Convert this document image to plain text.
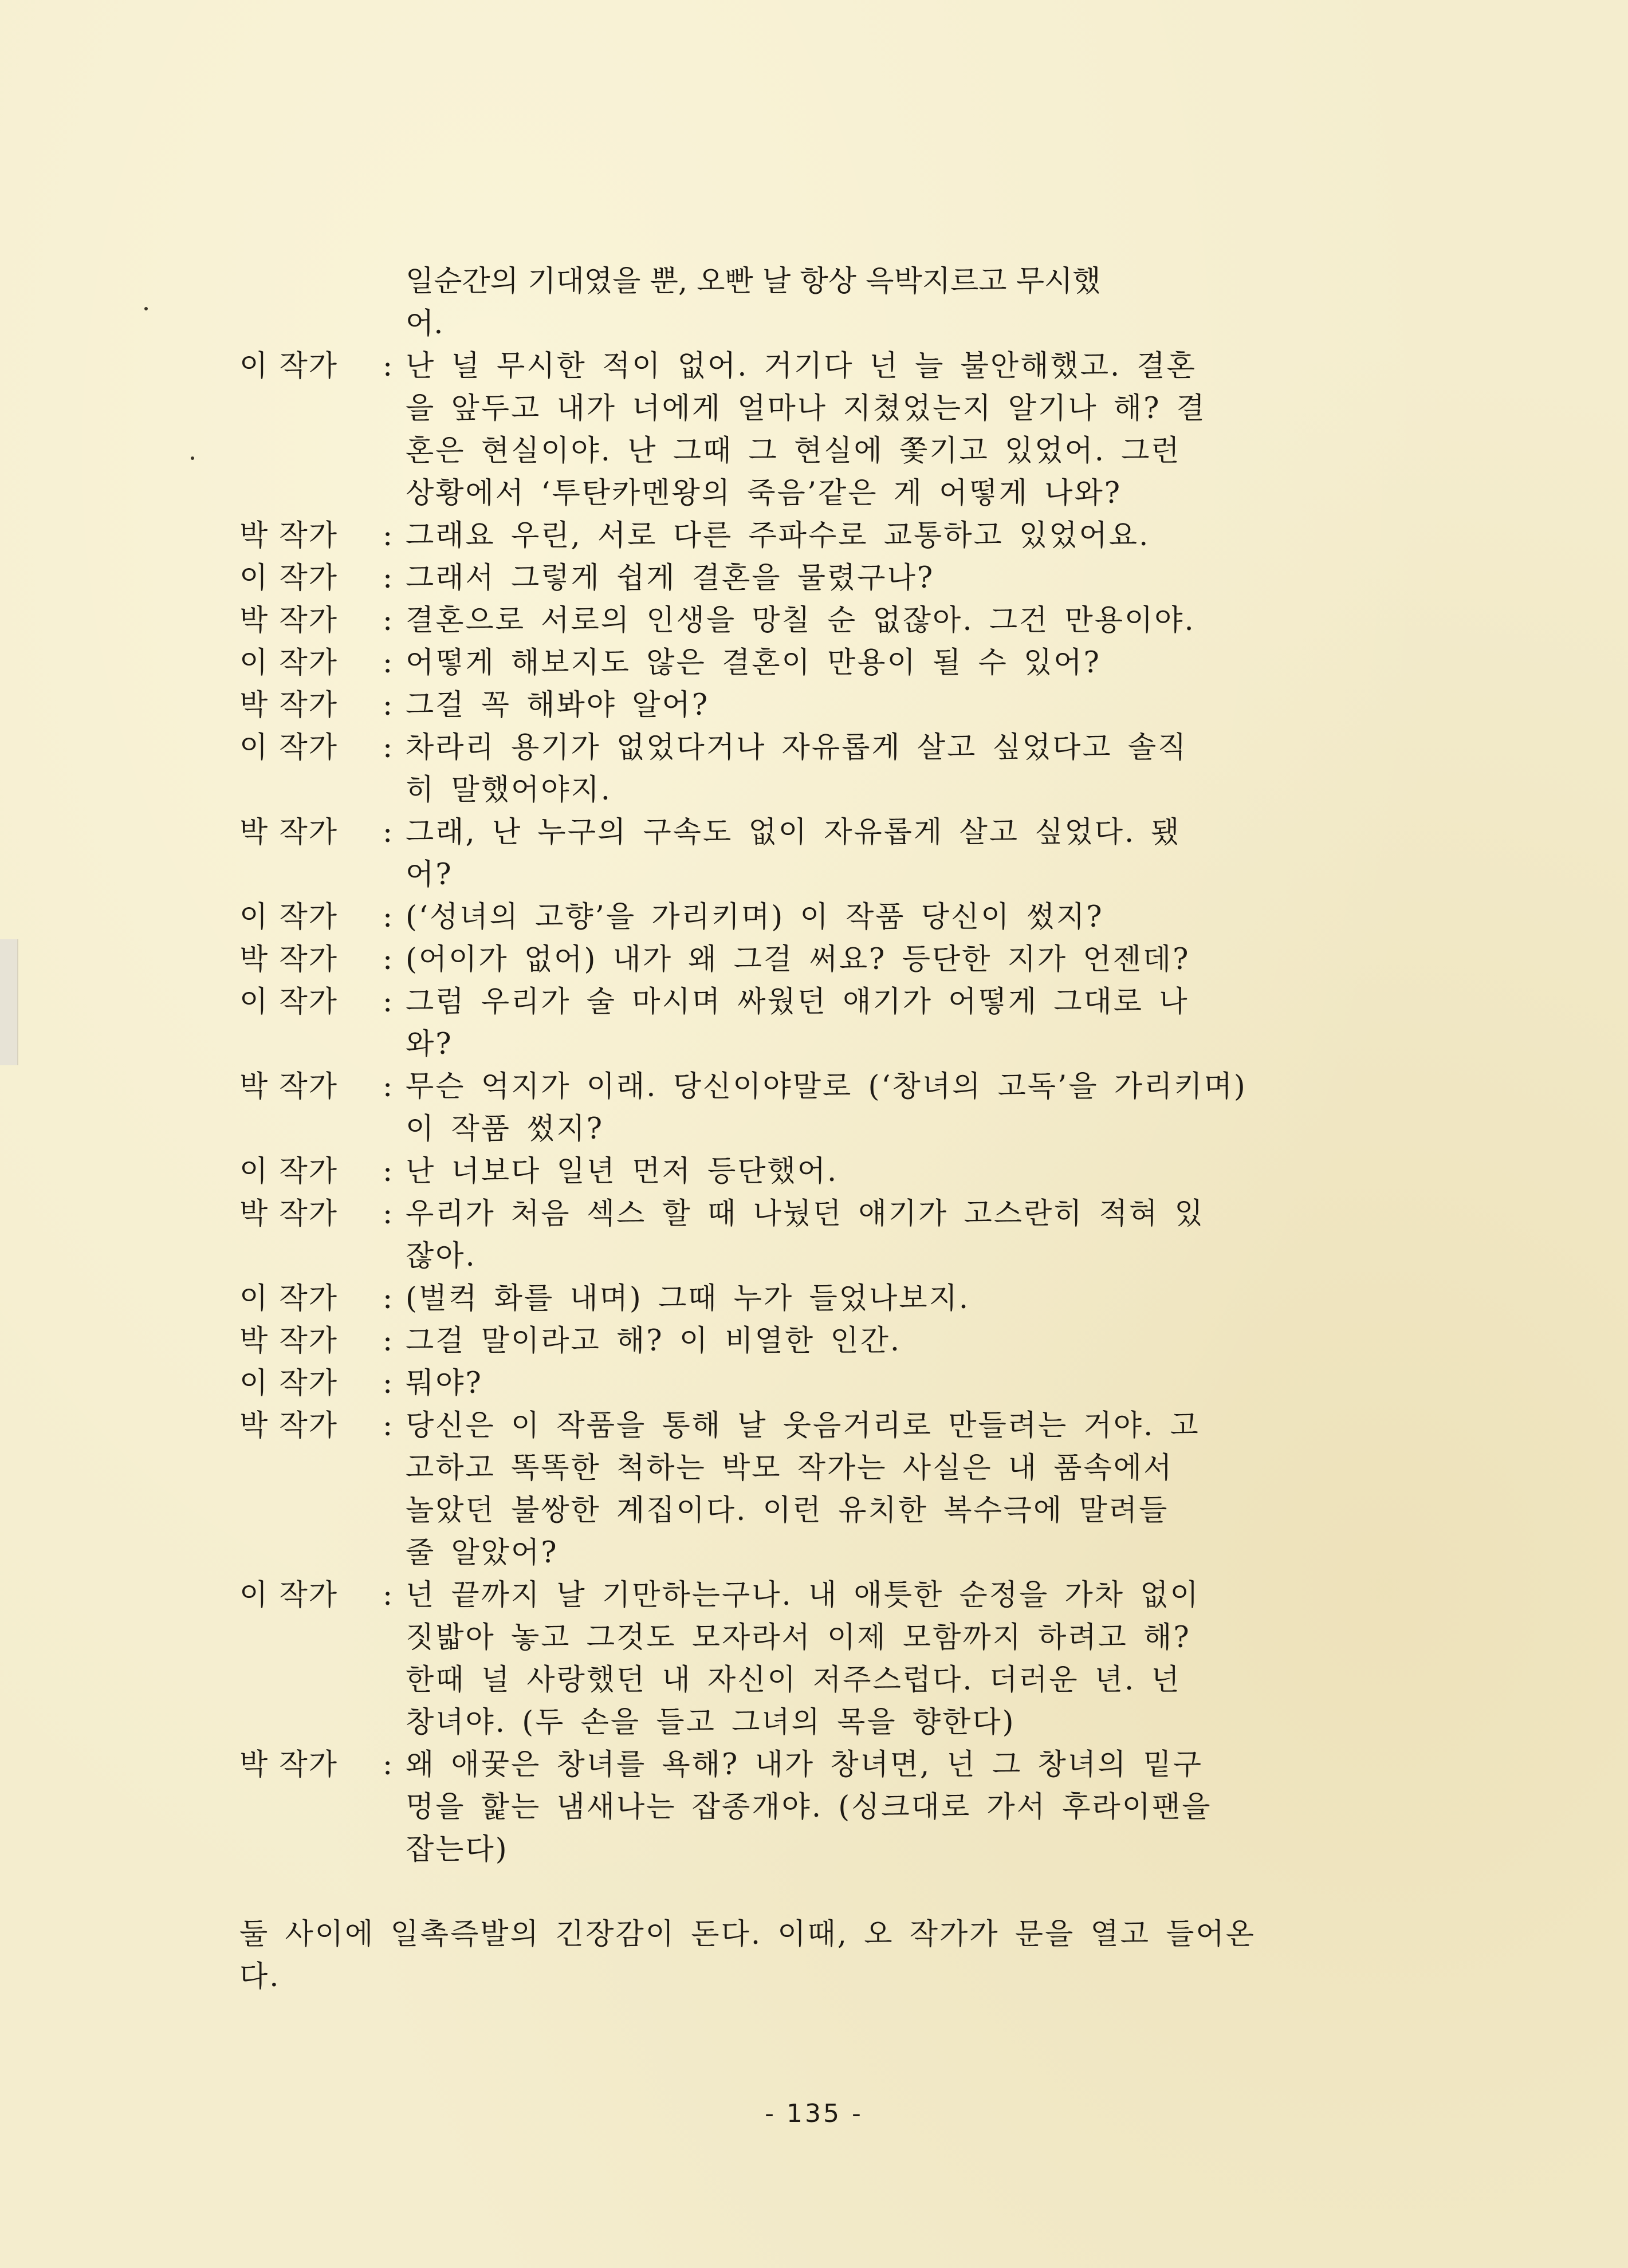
일순간의 기대였을 뿐, 오빤 날 항상 윽박지르고 무시했
어.
이 작가	: 난 널 무시한 적이 없어. 거기다 넌 늘 불안해했고. 결혼
을 앞두고 내가 너에게 얼마나 지쳤었는지 알기나 해? 결
혼은 현실이야. 난 그때 그 현실에 쫓기고 있었어. 그런
상황에서 ‘투탄카멘왕의 죽음’같은 게 어떻게 나와?
박 작가	: 그래요 우린, 서로 다른 주파수로 교통하고 있었어요.
이 작가	: 그래서 그렇게 쉽게 결혼을 물렸구나?
박 작가	: 결혼으로 서로의 인생을 망칠 순 없잖아. 그건 만용이야.
이 작가	: 어떻게 해보지도 않은 결혼이 만용이 될 수 있어?
박 작가	: 그걸 꼭 해봐야 알어?
이 작가	: 차라리 용기가 없었다거나 자유롭게 살고 싶었다고 솔직
히 말했어야지.
박 작가	: 그래, 난 누구의 구속도 없이 자유롭게 살고 싶었다. 됐
어?
이 작가	: (‘성녀의 고향’을 가리키며) 이 작품 당신이 썼지?
박 작가	: (어이가 없어) 내가 왜 그걸 써요? 등단한 지가 언젠데?
이 작가	: 그럼 우리가 술 마시며 싸웠던 얘기가 어떻게 그대로 나
와?
박 작가	: 무슨 억지가 이래. 당신이야말로 (‘창녀의 고독’을 가리키며)
이 작품 썼지?
이 작가	: 난 너보다 일년 먼저 등단했어.
박 작가	: 우리가 처음 섹스 할 때 나눴던 얘기가 고스란히 적혀 있
잖아.
이 작가	: (벌컥 화를 내며) 그때 누가 들었나보지.
박 작가	: 그걸 말이라고 해? 이 비열한 인간.
이 작가	: 뭐야?
박 작가	: 당신은 이 작품을 통해 날 웃음거리로 만들려는 거야. 고
고하고 똑똑한 척하는 박모 작가는 사실은 내 품속에서
놀았던 불쌍한 계집이다. 이런 유치한 복수극에 말려들
줄 알았어?
이 작가	: 넌 끝까지 날 기만하는구나. 내 애틋한 순정을 가차 없이
짓밟아 놓고 그것도 모자라서 이제 모함까지 하려고 해?
한때 널 사랑했던 내 자신이 저주스럽다. 더러운 년. 넌
창녀야. (두 손을 들고 그녀의 목을 향한다)
박 작가	: 왜 애꿎은 창녀를 욕해? 내가 창녀면, 넌 그 창녀의 밑구
멍을 핥는 냄새나는 잡종개야. (싱크대로 가서 후라이팬을
잡는다)
둘 사이에 일촉즉발의 긴장감이 돈다. 이때, 오 작가가 문을 열고 들어온
다.
- 135 -
